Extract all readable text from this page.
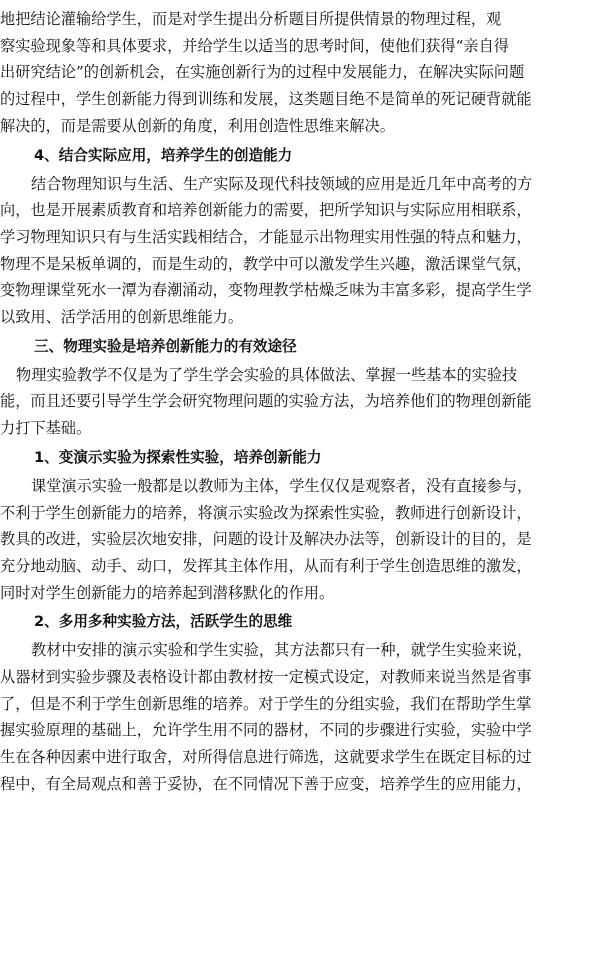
地把结论灌输给学生，而是对学生提出分析题目所提供情景的物理过程，观
察实验现象等和具体要求，并给学生以适当的思考时间，使他们获得“亲自得
出研究结论”的创新机会，在实施创新行为的过程中发展能力，在解决实际问题
的过程中，学生创新能力得到训练和发展，这类题目绝不是简单的死记硬背就能
解决的，而是需要从创新的角度，利用创造性思维来解决。

4、结合实际应用，培养学生的创造能力

结合物理知识与生活、生产实际及现代科技领域的应用是近几年中高考的方
向，也是开展素质教育和培养创新能力的需要，把所学知识与实际应用相联系，
学习物理知识只有与生活实践相结合，才能显示出物理实用性强的特点和魅力，
物理不是呆板单调的，而是生动的，教学中可以激发学生兴趣，激活课堂气氛，
变物理课堂死水一潭为春潮涌动，变物理教学枯燥乏味为丰富多彩，提高学生学
以致用、活学活用的创新思维能力。

三、物理实验是培养创新能力的有效途径

物理实验教学不仅是为了学生学会实验的具体做法、掌握一些基本的实验技
能，而且还要引导学生学会研究物理问题的实验方法，为培养他们的物理创新能
力打下基础。

1、变演示实验为探索性实验，培养创新能力

课堂演示实验一般都是以教师为主体，学生仅仅是观察者，没有直接参与，
不利于学生创新能力的培养，将演示实验改为探索性实验，教师进行创新设计，
教具的改进，实验层次地安排，问题的设计及解决办法等，创新设计的目的，是
充分地动脑、动手、动口，发挥其主体作用，从而有利于学生创造思维的激发，
同时对学生创新能力的培养起到潜移默化的作用。

2、多用多种实验方法，活跃学生的思维

教材中安排的演示实验和学生实验，其方法都只有一种，就学生实验来说，
从器材到实验步骤及表格设计都由教材按一定模式设定，对教师来说当然是省事
了，但是不利于学生创新思维的培养。对于学生的分组实验，我们在帮助学生掌
握实验原理的基础上，允许学生用不同的器材，不同的步骤进行实验，实验中学
生在各种因素中进行取舍，对所得信息进行筛选，这就要求学生在既定目标的过
程中，有全局观点和善于妥协，在不同情况下善于应变，培养学生的应用能力，
